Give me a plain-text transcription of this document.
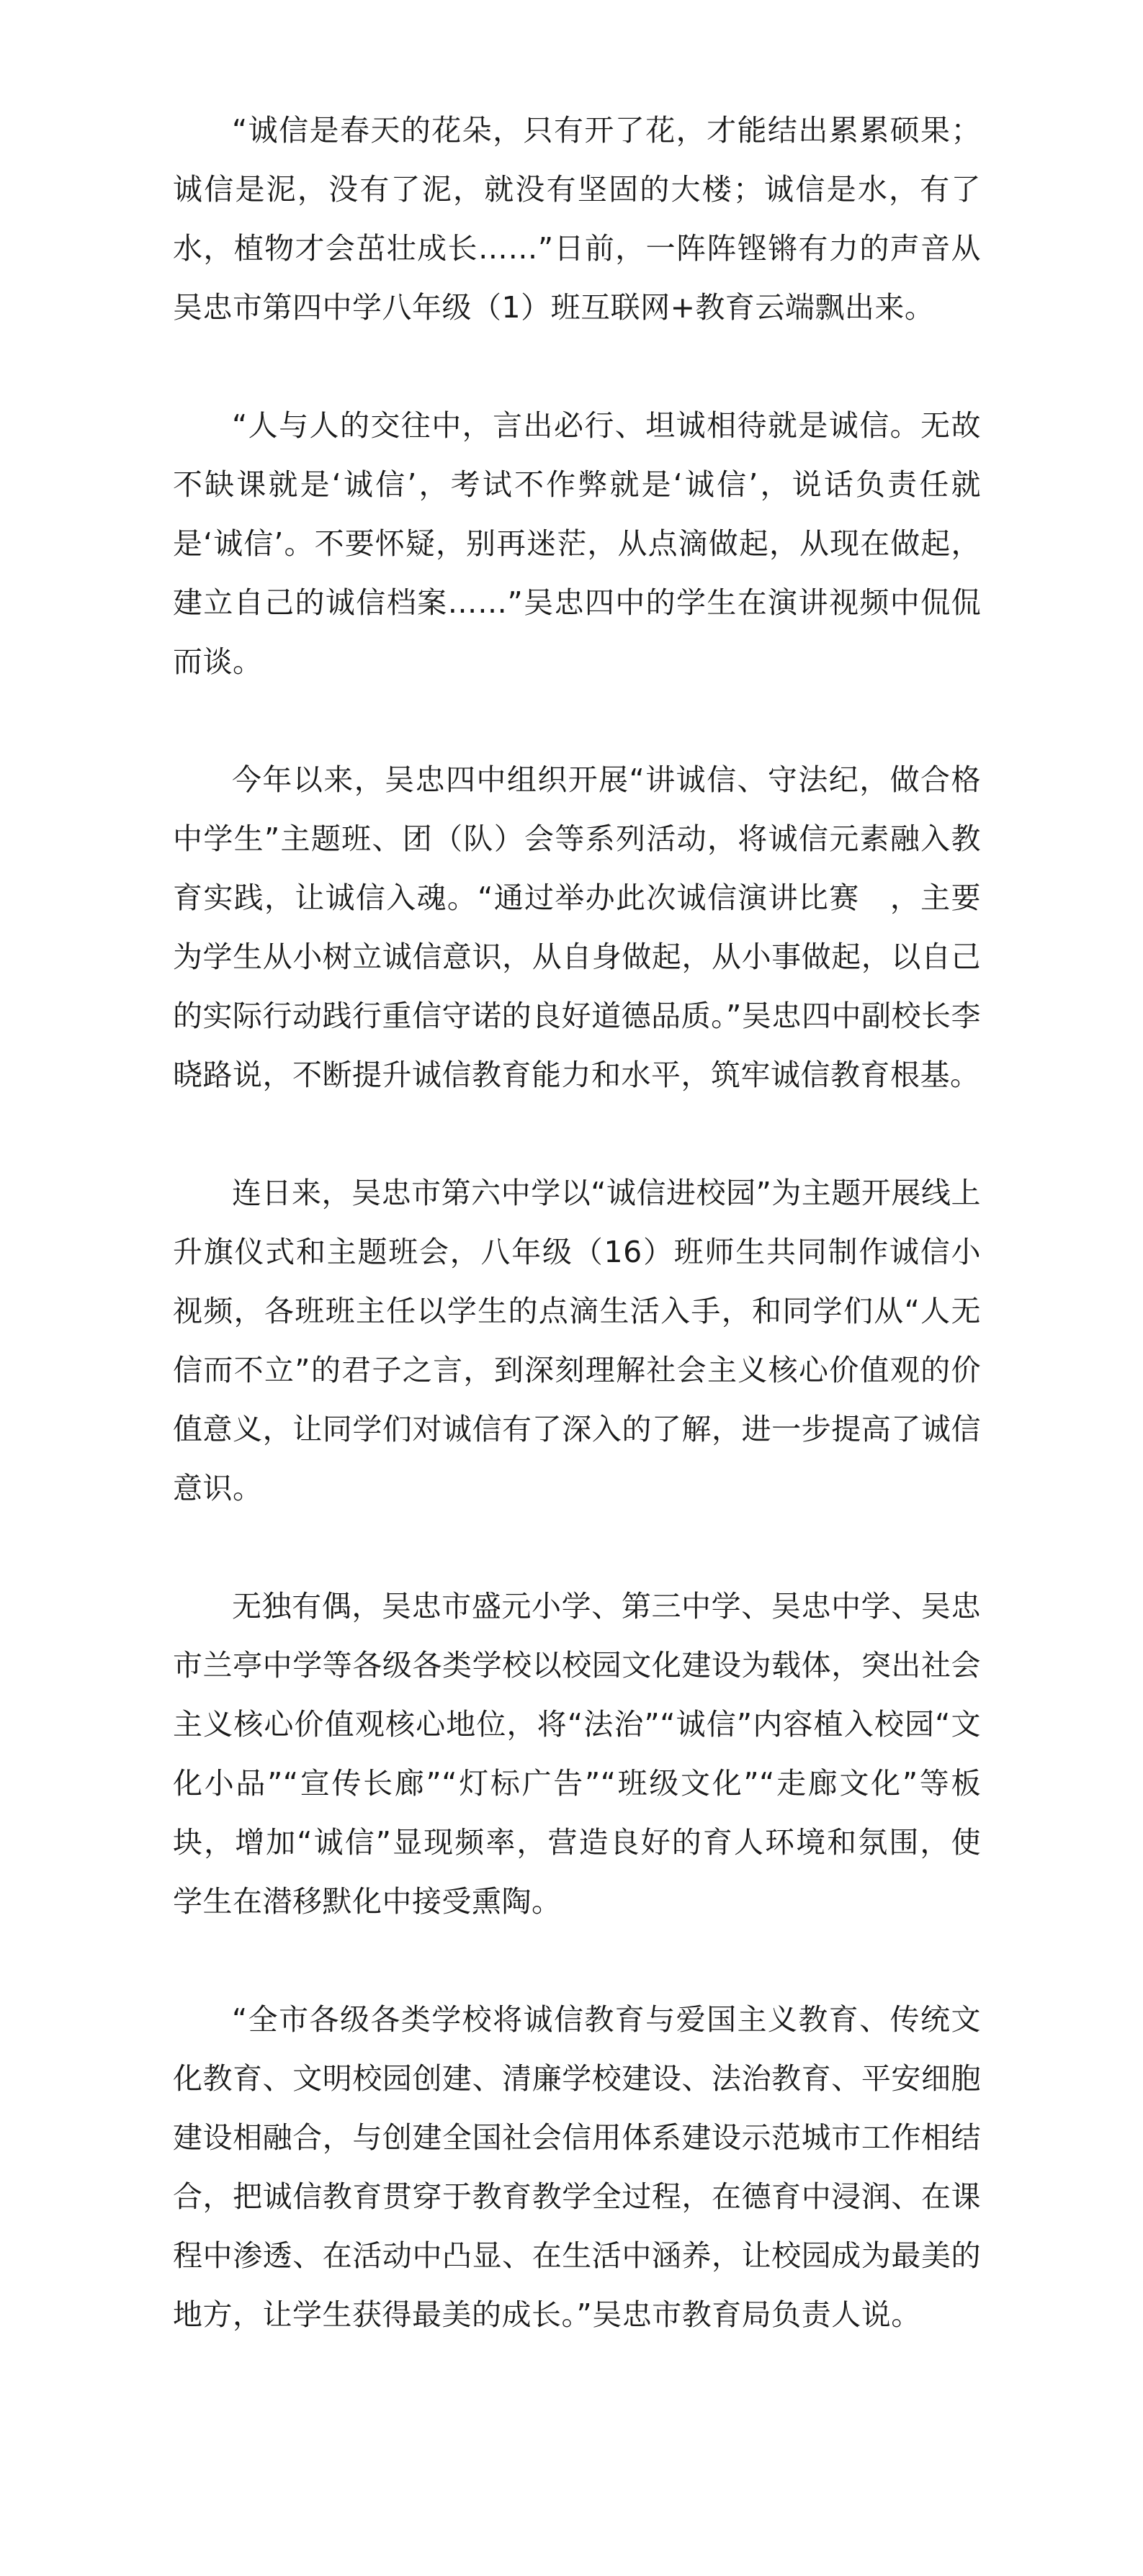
“诚信是春天的花朵，只有开了花，才能结出累累硕果；诚信是泥，没有了泥，就没有坚固的大楼；诚信是水，有了水，植物才会茁壮成长……”日前，一阵阵铿锵有力的声音从吴忠市第四中学八年级（1）班互联网+教育云端飘出来。

“人与人的交往中，言出必行、坦诚相待就是诚信。无故不缺课就是‘诚信’，考试不作弊就是‘诚信’，说话负责任就是‘诚信’。不要怀疑，别再迷茫，从点滴做起，从现在做起，建立自己的诚信档案……”吴忠四中的学生在演讲视频中侃侃而谈。

今年以来，吴忠四中组织开展“讲诚信、守法纪，做合格中学生”主题班、团（队）会等系列活动，将诚信元素融入教育实践，让诚信入魂。“通过举办此次诚信演讲比赛　，主要为学生从小树立诚信意识，从自身做起，从小事做起，以自己的实际行动践行重信守诺的良好道德品质。”吴忠四中副校长李晓路说，不断提升诚信教育能力和水平，筑牢诚信教育根基。

连日来，吴忠市第六中学以“诚信进校园”为主题开展线上升旗仪式和主题班会，八年级（16）班师生共同制作诚信小视频，各班班主任以学生的点滴生活入手，和同学们从“人无信而不立”的君子之言，到深刻理解社会主义核心价值观的价值意义，让同学们对诚信有了深入的了解，进一步提高了诚信意识。

无独有偶，吴忠市盛元小学、第三中学、吴忠中学、吴忠市兰亭中学等各级各类学校以校园文化建设为载体，突出社会主义核心价值观核心地位，将“法治”“诚信”内容植入校园“文化小品”“宣传长廊”“灯标广告”“班级文化”“走廊文化”等板块，增加“诚信”显现频率，营造良好的育人环境和氛围，使学生在潜移默化中接受熏陶。

“全市各级各类学校将诚信教育与爱国主义教育、传统文化教育、文明校园创建、清廉学校建设、法治教育、平安细胞建设相融合，与创建全国社会信用体系建设示范城市工作相结合，把诚信教育贯穿于教育教学全过程，在德育中浸润、在课程中渗透、在活动中凸显、在生活中涵养，让校园成为最美的地方，让学生获得最美的成长。”吴忠市教育局负责人说。
